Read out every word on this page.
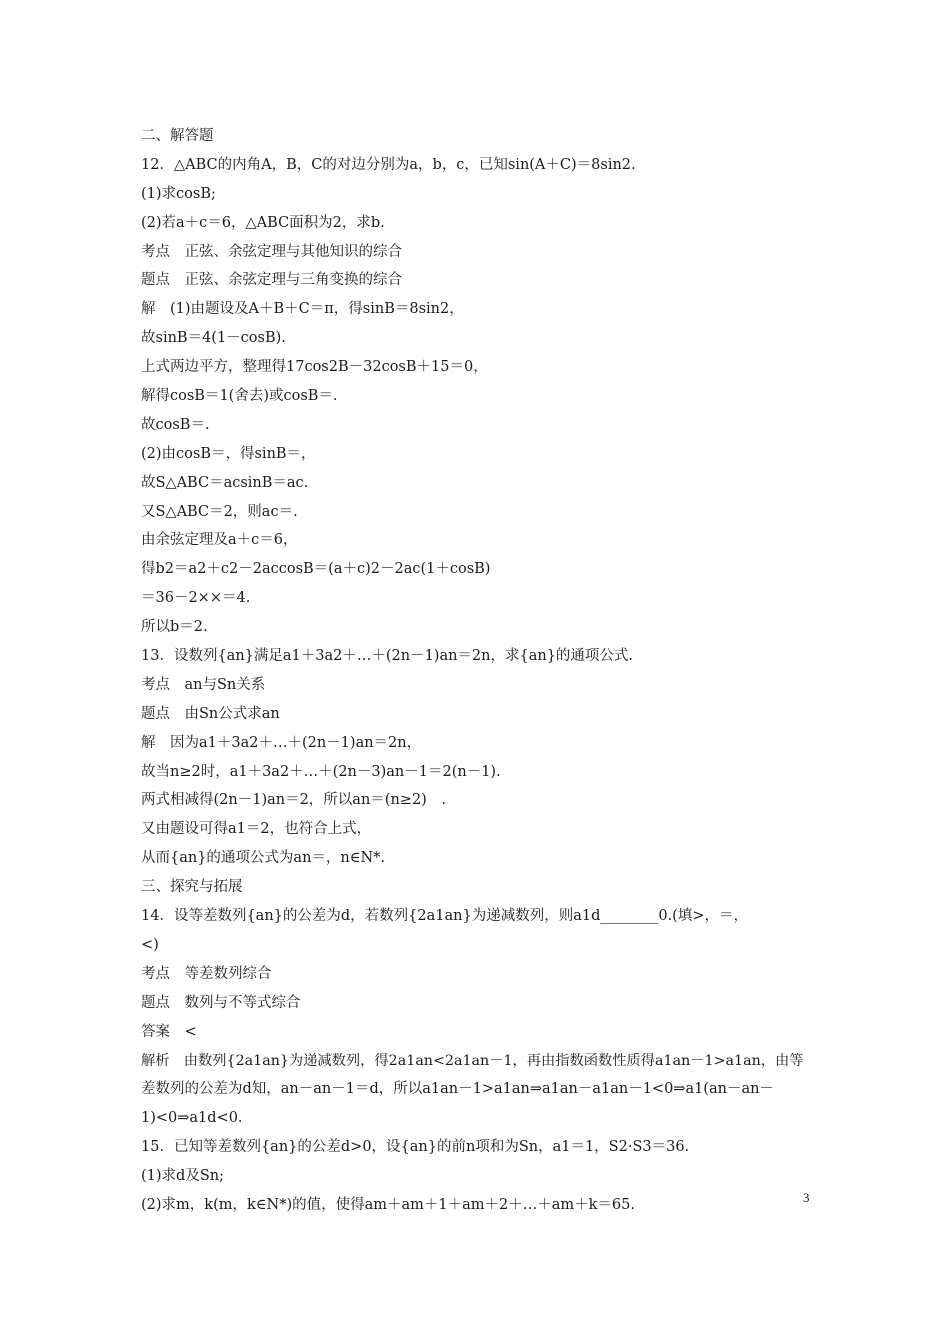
二、解答题
12．△ABC的内角A，B，C的对边分别为a，b，c，已知sin(A＋C)＝8sin2.
(1)求cosB;
(2)若a＋c＝6，△ABC面积为2，求b.
考点　正弦、余弦定理与其他知识的综合
题点　正弦、余弦定理与三角变换的综合
解　(1)由题设及A＋B＋C＝π，得sinB＝8sin2，
故sinB＝4(1－cosB).
上式两边平方，整理得17cos2B－32cosB＋15＝0，
解得cosB＝1(舍去)或cosB＝.
故cosB＝.
(2)由cosB＝，得sinB＝，
故S△ABC＝acsinB＝ac.
又S△ABC＝2，则ac＝.
由余弦定理及a＋c＝6，
得b2＝a2＋c2－2accosB＝(a＋c)2－2ac(1＋cosB)
＝36－2××＝4.
所以b＝2.
13．设数列{an}满足a1＋3a2＋…＋(2n－1)an＝2n，求{an}的通项公式.
考点　an与Sn关系
题点　由Sn公式求an
解　因为a1＋3a2＋…＋(2n－1)an＝2n，
故当n≥2时，a1＋3a2＋…＋(2n－3)an－1＝2(n－1).
两式相减得(2n－1)an＝2，所以an＝(n≥2)　.
又由题设可得a1＝2，也符合上式，
从而{an}的通项公式为an＝，n∈N*.
三、探究与拓展
14．设等差数列{an}的公差为d，若数列{2a1an}为递减数列，则a1d________0.(填>，＝，
<)
考点　等差数列综合
题点　数列与不等式综合
答案　<
解析　由数列{2a1an}为递减数列，得2a1an<2a1an－1，再由指数函数性质得a1an－1>a1an，由等
差数列的公差为d知，an－an－1＝d，所以a1an－1>a1an⇒a1an－a1an－1<0⇒a1(an－an－
1)<0⇒a1d<0.
15．已知等差数列{an}的公差d>0，设{an}的前n项和为Sn，a1＝1，S2·S3＝36.
(1)求d及Sn;
(2)求m，k(m，k∈N*)的值，使得am＋am＋1＋am＋2＋…＋am＋k＝65.	3
